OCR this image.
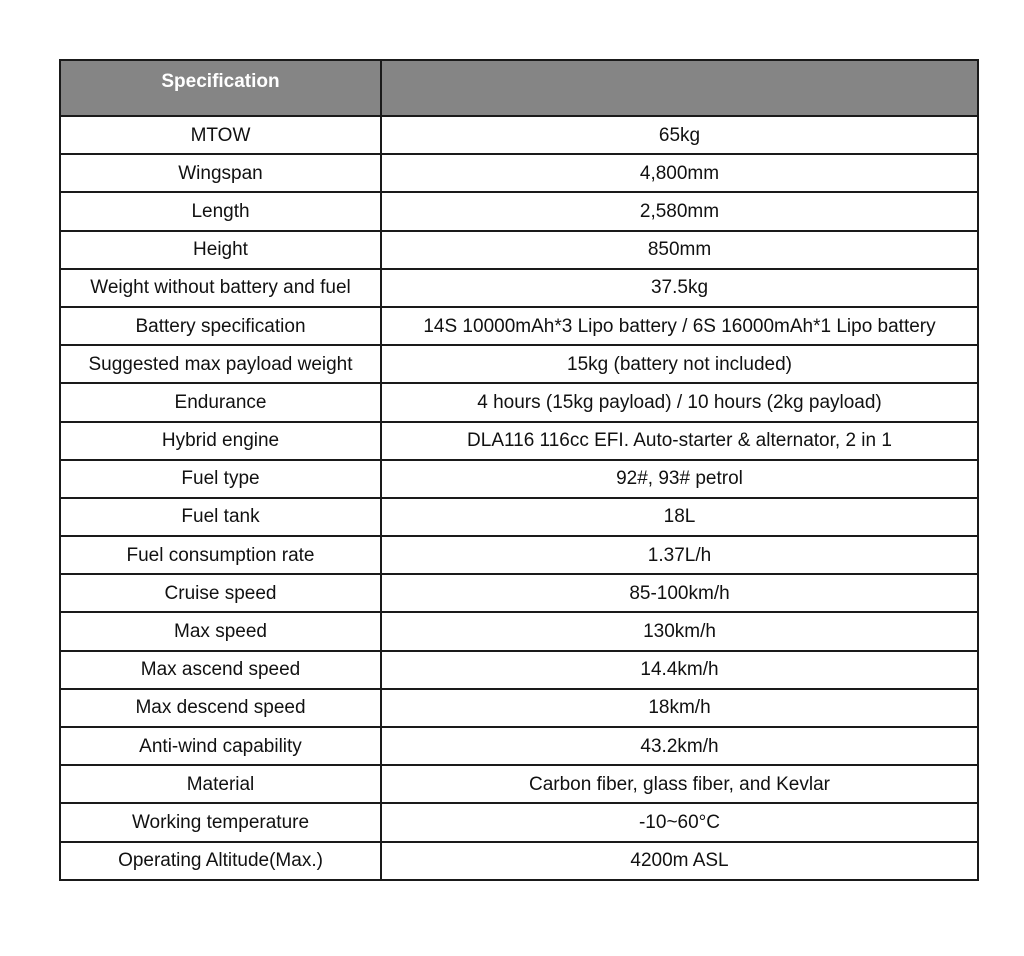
Specification	
MTOW	65kg
Wingspan	4,800mm
Length	2,580mm
Height	850mm
Weight without battery and fuel	37.5kg
Battery specification	14S 10000mAh*3 Lipo battery / 6S 16000mAh*1 Lipo battery
Suggested max payload weight	15kg (battery not included)
Endurance	4 hours (15kg payload) / 10 hours (2kg payload)
Hybrid engine	DLA116 116cc EFI. Auto-starter & alternator, 2 in 1
Fuel type	92#, 93# petrol
Fuel tank	18L
Fuel consumption rate	1.37L/h
Cruise speed	85-100km/h
Max speed	130km/h
Max ascend speed	14.4km/h
Max descend speed	18km/h
Anti-wind capability	43.2km/h
Material	Carbon fiber, glass fiber, and Kevlar
Working temperature	-10~60°C
Operating Altitude(Max.)	4200m ASL
